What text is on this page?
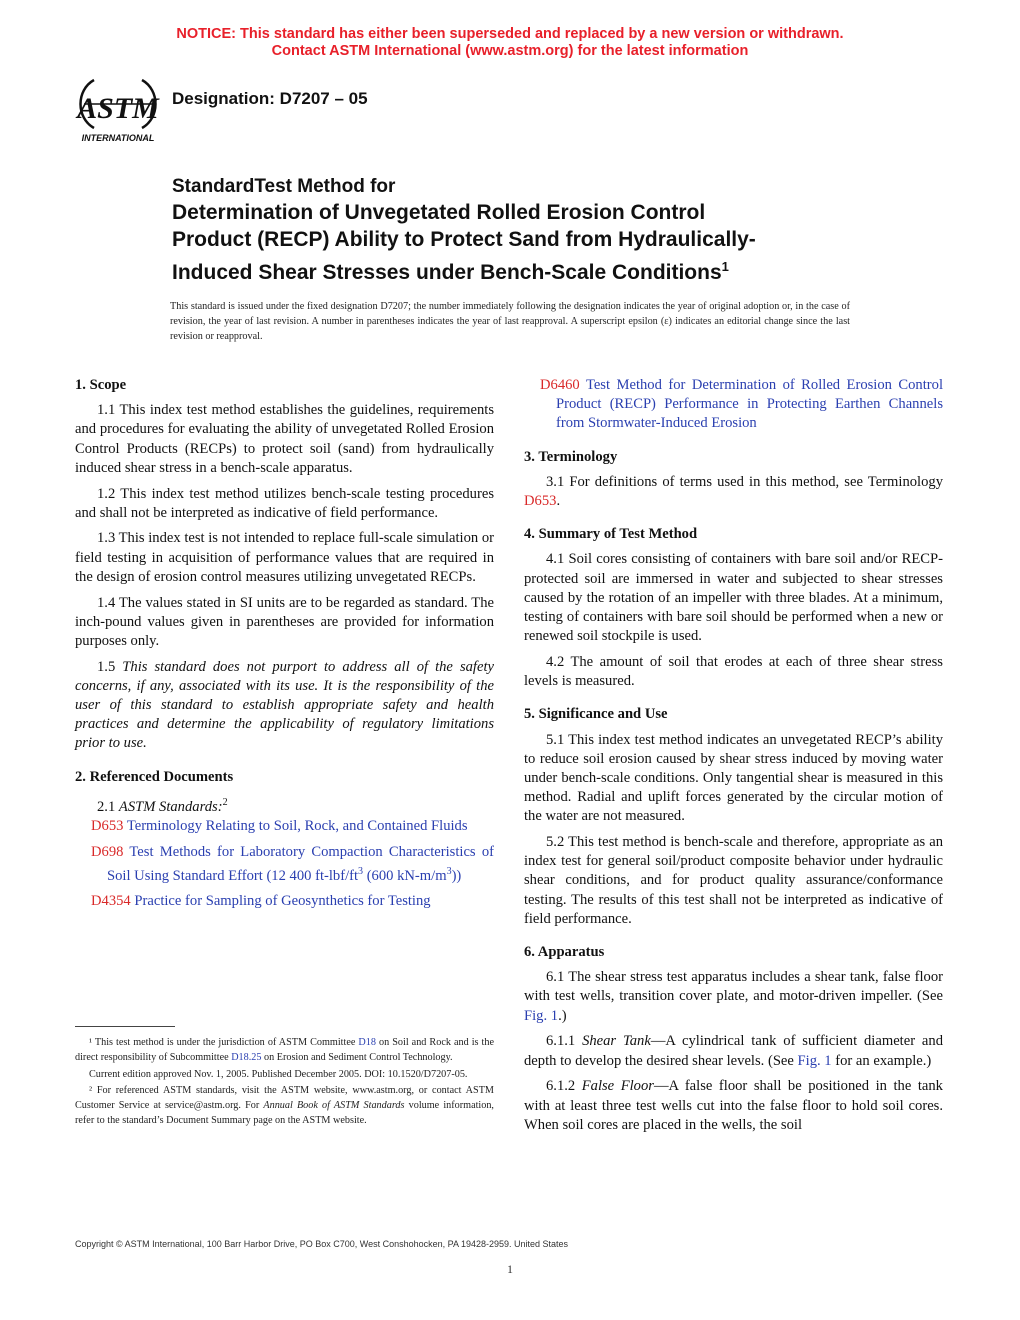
NOTICE: This standard has either been superseded and replaced by a new version or withdrawn.
Contact ASTM International (www.astm.org) for the latest information
ASTM
INTERNATIONAL
Designation: D7207 – 05
StandardTest Method for
Determination of Unvegetated Rolled Erosion Control
Product (RECP) Ability to Protect Sand from Hydraulically-
Induced Shear Stresses under Bench-Scale Conditions$^1$
This standard is issued under the fixed designation D7207; the number immediately following the designation indicates the year of original adoption or, in the case of revision, the year of last revision. A number in parentheses indicates the year of last reapproval. A superscript epsilon (ε) indicates an editorial change since the last revision or reapproval.
1. Scope

1.1 This index test method establishes the guidelines, requirements and procedures for evaluating the ability of unvegetated Rolled Erosion Control Products (RECPs) to protect soil (sand) from hydraulically induced shear stress in a bench-scale apparatus.

1.2 This index test method utilizes bench-scale testing procedures and shall not be interpreted as indicative of field performance.

1.3 This index test is not intended to replace full-scale simulation or field testing in acquisition of performance values that are required in the design of erosion control measures utilizing unvegetated RECPs.

1.4 The values stated in SI units are to be regarded as standard. The inch-pound values given in parentheses are provided for information purposes only.

1.5 This standard does not purport to address all of the safety concerns, if any, associated with its use. It is the responsibility of the user of this standard to establish appropriate safety and health practices and determine the applicability of regulatory limitations prior to use.

2. Referenced Documents

2.1 ASTM Standards:$^2$

D653 Terminology Relating to Soil, Rock, and Contained Fluids

D698 Test Methods for Laboratory Compaction Characteristics of Soil Using Standard Effort (12 400 $ft-lbf/ft^3$ (600 $kN-m/m^3$))

D4354 Practice for Sampling of Geosynthetics for Testing

D6460 Test Method for Determination of Rolled Erosion Control Product (RECP) Performance in Protecting Earthen Channels from Stormwater-Induced Erosion

3. Terminology

3.1 For definitions of terms used in this method, see Terminology D653.

4. Summary of Test Method

4.1 Soil cores consisting of containers with bare soil and/or RECP-protected soil are immersed in water and subjected to shear stresses caused by the rotation of an impeller with three blades. At a minimum, testing of containers with bare soil should be performed when a new or renewed soil stockpile is used.

4.2 The amount of soil that erodes at each of three shear stress levels is measured.

5. Significance and Use

5.1 This index test method indicates an unvegetated RECP’s ability to reduce soil erosion caused by shear stress induced by moving water under bench-scale conditions. Only tangential shear is measured in this method. Radial and uplift forces generated by the circular motion of the water are not measured.

5.2 This test method is bench-scale and therefore, appropriate as an index test for general soil/product composite behavior under hydraulic shear conditions, and for product quality assurance/conformance testing. The results of this test shall not be interpreted as indicative of field performance.

6. Apparatus

6.1 The shear stress test apparatus includes a shear tank, false floor with test wells, transition cover plate, and motor-driven impeller. (See Fig. 1.)

6.1.1 Shear Tank—A cylindrical tank of sufficient diameter and depth to develop the desired shear levels. (See Fig. 1 for an example.)

6.1.2 False Floor—A false floor shall be positioned in the tank with at least three test wells cut into the false floor to hold soil cores. When soil cores are placed in the wells, the soil

¹ This test method is under the jurisdiction of ASTM Committee D18 on Soil and Rock and is the direct responsibility of Subcommittee D18.25 on Erosion and Sediment Control Technology.

Current edition approved Nov. 1, 2005. Published December 2005. DOI: 10.1520/D7207-05.

² For referenced ASTM standards, visit the ASTM website, www.astm.org, or contact ASTM Customer Service at service@astm.org. For Annual Book of ASTM Standards volume information, refer to the standard’s Document Summary page on the ASTM website.

Copyright © ASTM International, 100 Barr Harbor Drive, PO Box C700, West Conshohocken, PA 19428-2959. United States
1
